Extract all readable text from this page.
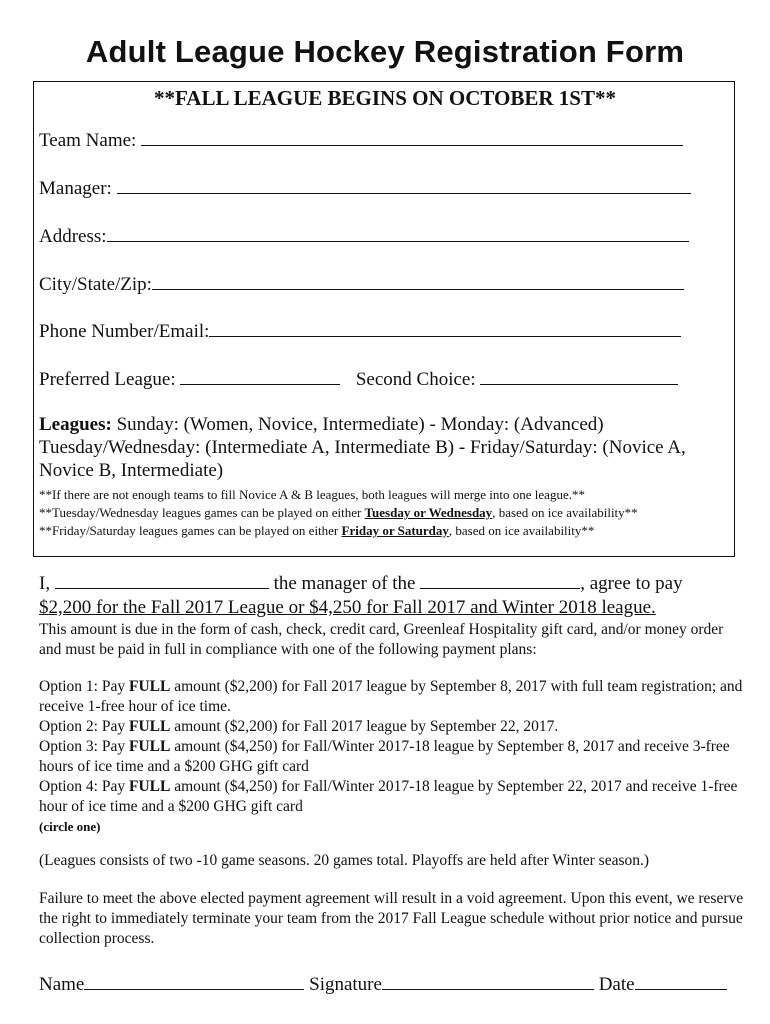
Adult League Hockey Registration Form
**FALL LEAGUE BEGINS ON OCTOBER 1ST**
Team Name:
Manager:
Address:
City/State/Zip:
Phone Number/Email:
Preferred League:	Second Choice:
Leagues: Sunday: (Women, Novice, Intermediate) - Monday: (Advanced) Tuesday/Wednesday: (Intermediate A, Intermediate B) - Friday/Saturday: (Novice A, Novice B, Intermediate)
**If there are not enough teams to fill Novice A & B leagues, both leagues will merge into one league.**
**Tuesday/Wednesday leagues games can be played on either Tuesday or Wednesday, based on ice availability**
**Friday/Saturday leagues games can be played on either Friday or Saturday, based on ice availability**
I,	the manager of the	, agree to pay
$2,200 for the Fall 2017 League or $4,250 for Fall 2017 and Winter 2018 league.
This amount is due in the form of cash, check, credit card, Greenleaf Hospitality gift card, and/or money order and must be paid in full in compliance with one of the following payment plans:
Option 1: Pay FULL amount ($2,200) for Fall 2017 league by September 8, 2017 with full team registration; and receive 1-free hour of ice time.
Option 2: Pay FULL amount ($2,200) for Fall 2017 league by September 22, 2017.
Option 3: Pay FULL amount ($4,250) for Fall/Winter 2017-18 league by September 8, 2017 and receive 3-free hours of ice time and a $200 GHG gift card
Option 4: Pay FULL amount ($4,250) for Fall/Winter 2017-18 league by September 22, 2017 and receive 1-free hour of ice time and a $200 GHG gift card
(circle one)
(Leagues consists of two -10 game seasons. 20 games total. Playoffs are held after Winter season.)
Failure to meet the above elected payment agreement will result in a void agreement. Upon this event, we reserve the right to immediately terminate your team from the 2017 Fall League schedule without prior notice and pursue collection process.
Name	Signature	Date
